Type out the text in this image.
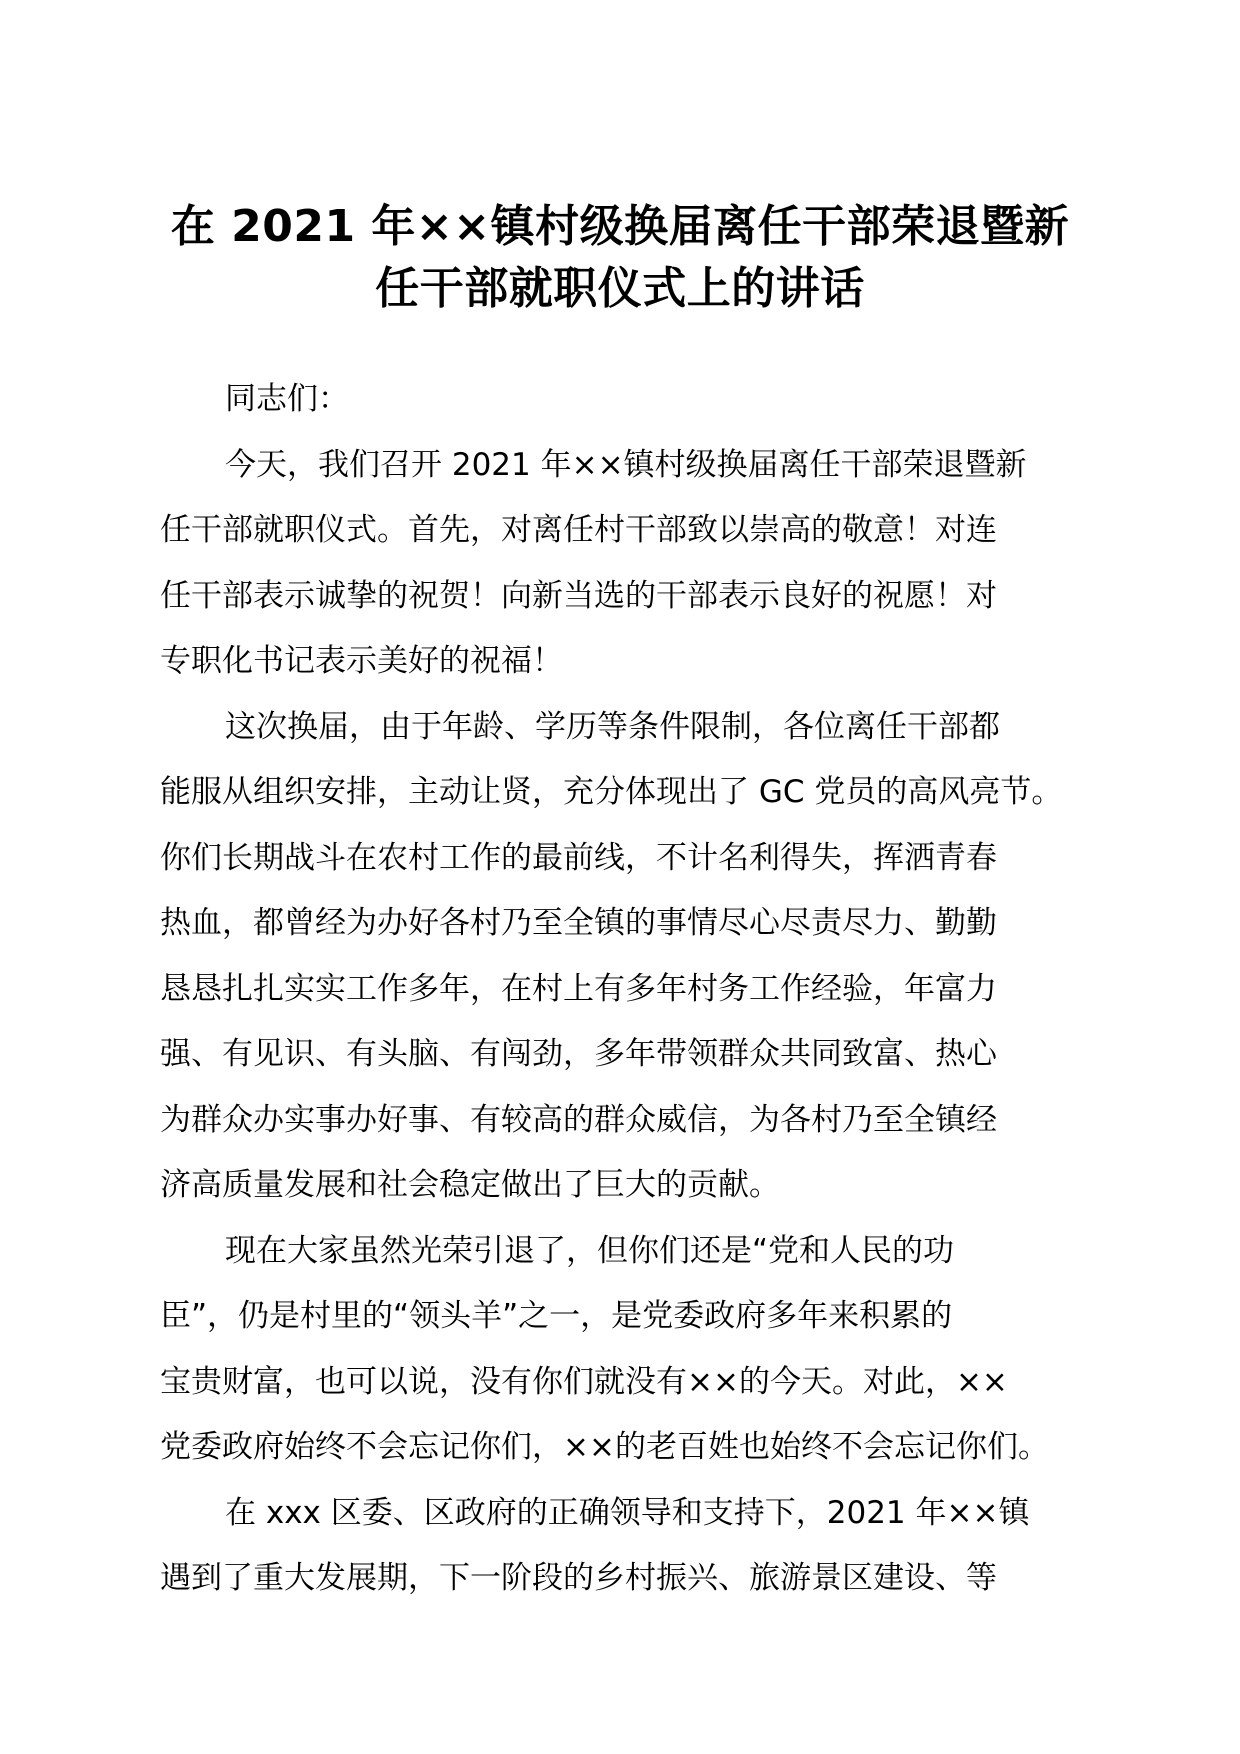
在 2021 年××镇村级换届离任干部荣退暨新
任干部就职仪式上的讲话
同志们：
今天，我们召开 2021 年××镇村级换届离任干部荣退暨新
任干部就职仪式。首先，对离任村干部致以崇高的敬意！对连
任干部表示诚挚的祝贺！向新当选的干部表示良好的祝愿！对
专职化书记表示美好的祝福！
这次换届，由于年龄、学历等条件限制，各位离任干部都
能服从组织安排，主动让贤，充分体现出了 GC 党员的高风亮节。
你们长期战斗在农村工作的最前线，不计名利得失，挥洒青春
热血，都曾经为办好各村乃至全镇的事情尽心尽责尽力、勤勤
恳恳扎扎实实工作多年，在村上有多年村务工作经验，年富力
强、有见识、有头脑、有闯劲，多年带领群众共同致富、热心
为群众办实事办好事、有较高的群众威信，为各村乃至全镇经
济高质量发展和社会稳定做出了巨大的贡献。
现在大家虽然光荣引退了，但你们还是“党和人民的功
臣”，仍是村里的“领头羊”之一，是党委政府多年来积累的
宝贵财富，也可以说，没有你们就没有××的今天。对此，××
党委政府始终不会忘记你们，××的老百姓也始终不会忘记你们。
在 xxx 区委、区政府的正确领导和支持下，2021 年××镇
遇到了重大发展期，下一阶段的乡村振兴、旅游景区建设、等
